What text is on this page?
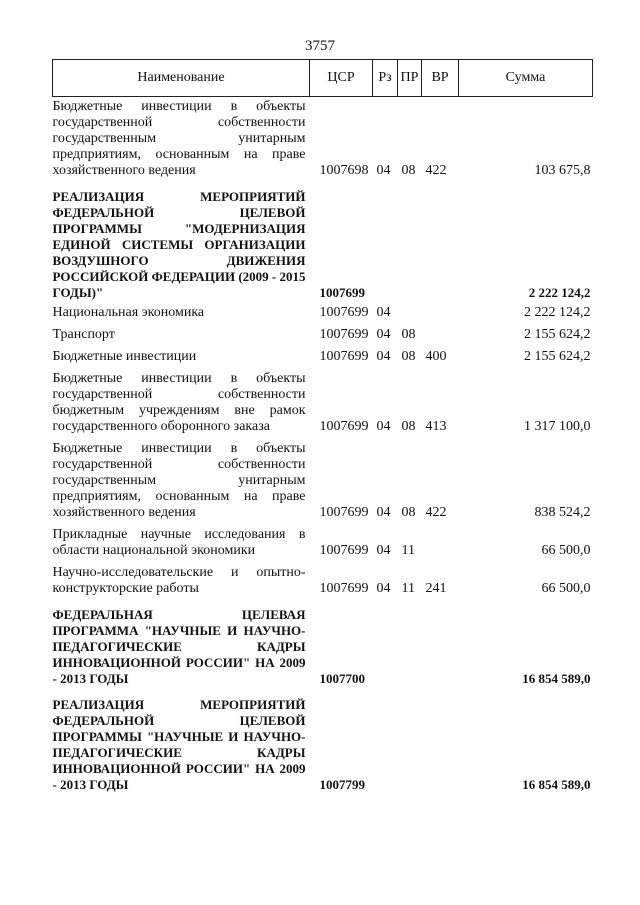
3757
Наименование	ЦСР	Рз	ПР	ВР	Сумма

Бюджетные инвестиции в объекты государственной собственности государственным унитарным предприятиям, основанным на праве хозяйственного ведения	1007698	04	08	422	103 675,8

РЕАЛИЗАЦИЯ МЕРОПРИЯТИЙ ФЕДЕРАЛЬНОЙ ЦЕЛЕВОЙ ПРОГРАММЫ "МОДЕРНИЗАЦИЯ ЕДИНОЙ СИСТЕМЫ ОРГАНИЗАЦИИ ВОЗДУШНОГО ДВИЖЕНИЯ РОССИЙСКОЙ ФЕДЕРАЦИИ (2009 - 2015 ГОДЫ)"	1007699				2 222 124,2

Национальная экономика	1007699	04			2 222 124,2

Транспорт	1007699	04	08		2 155 624,2

Бюджетные инвестиции	1007699	04	08	400	2 155 624,2

Бюджетные инвестиции в объекты государственной собственности бюджетным учреждениям вне рамок государственного оборонного заказа	1007699	04	08	413	1 317 100,0

Бюджетные инвестиции в объекты государственной собственности государственным унитарным предприятиям, основанным на праве хозяйственного ведения	1007699	04	08	422	838 524,2

Прикладные научные исследования в области национальной экономики	1007699	04	11		66 500,0

Научно-исследовательские и опытно-конструкторские работы	1007699	04	11	241	66 500,0

ФЕДЕРАЛЬНАЯ ЦЕЛЕВАЯ ПРОГРАММА "НАУЧНЫЕ И НАУЧНО-ПЕДАГОГИЧЕСКИЕ КАДРЫ ИННОВАЦИОННОЙ РОССИИ" НА 2009 - 2013 ГОДЫ	1007700				16 854 589,0

РЕАЛИЗАЦИЯ МЕРОПРИЯТИЙ ФЕДЕРАЛЬНОЙ ЦЕЛЕВОЙ ПРОГРАММЫ "НАУЧНЫЕ И НАУЧНО-ПЕДАГОГИЧЕСКИЕ КАДРЫ ИННОВАЦИОННОЙ РОССИИ" НА 2009 - 2013 ГОДЫ	1007799				16 854 589,0
